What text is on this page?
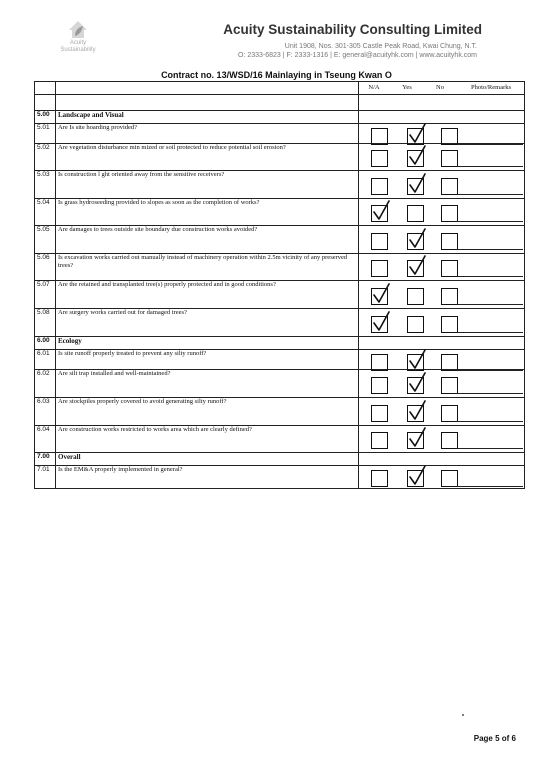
Acuity
Sustainability
Acuity Sustainability Consulting Limited
Unit 1908, Nos. 301-305 Castle Peak Road, Kwai Chung, N.T.
O: 2333-6823 | F: 2333-1316 | E: general@acuityhk.com | www.acuityhk.com
Contract no. 13/WSD/16 Mainlaying in Tseung Kwan O

		N/A Yes No Photo/Remarks

5.00	Landscape and Visual	
5.01	Are Is site hoarding provided?	

5.02	Are vegetation disturbance min mized or soil protected to reduce potential soil erosion?	

5.03	Is construction l ght oriented away from the sensitive receivers?	

5.04	Is grass hydroseeding provided to slopes as soon as the completion of works?	

5.05	Are damages to trees outside site boundary due construction works avoided?	

5.06	Is excavation works carried out manually instead of machinery operation within 2.5m vicinity of any preserved trees?	

5.07	Are the retained and transplanted tree(s) properly protected and in good conditions?	

5.08	Are surgery works carried out for damaged trees?	

6.00	Ecology	
6.01	Is site runoff properly treated to prevent any silty runoff?	

6.02	Are silt trap installed and well-maintained?	

6.03	Are stockpiles properly covered to avoid generating silty runoff?	

6.04	Are construction works restricted to works area which are clearly defined?	

7.00	Overall	
7.01	Is the EM&A properly implemented in general?	
Page 5 of 6
